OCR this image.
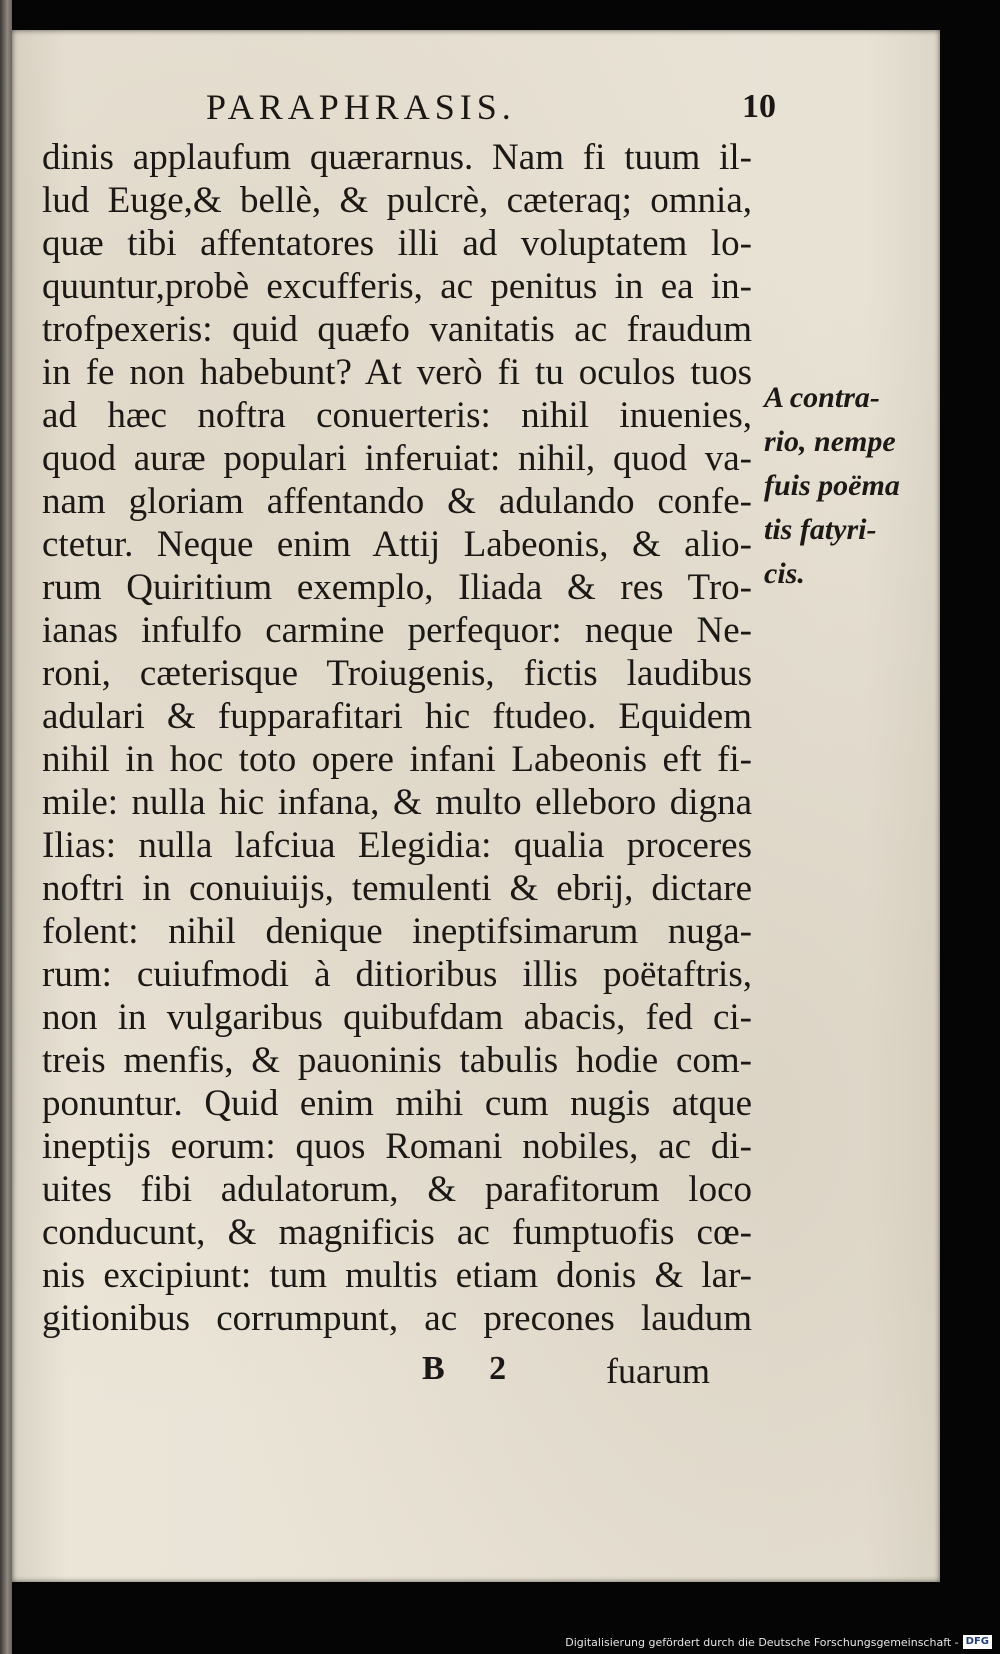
PARAPHRASIS.	10
dinis applaufum quærarnus. Nam fi tuum il-
lud Euge,& bellè, & pulcrè, cæteraq; omnia,
quæ tibi affentatores illi ad voluptatem lo-
quuntur,probè excufferis, ac penitus in ea in-
trofpexeris: quid quæfo vanitatis ac fraudum
in fe non habebunt? At verò fi tu oculos tuos
ad hæc noftra conuerteris: nihil inuenies,
quod auræ populari inferuiat: nihil, quod va-
nam gloriam affentando & adulando confe-
ctetur. Neque enim Attij Labeonis, & alio-
rum Quiritium exemplo, Iliada & res Tro-
ianas infulfo carmine perfequor: neque Ne-
roni, cæterisque Troiugenis, fictis laudibus
adulari & fupparafitari hic ftudeo. Equidem
nihil in hoc toto opere infani Labeonis eft fi-
mile: nulla hic infana, & multo elleboro digna
Ilias: nulla lafciua Elegidia: qualia proceres
noftri in conuiuijs, temulenti & ebrij, dictare
folent: nihil denique ineptifsimarum nuga-
rum: cuiufmodi à ditioribus illis poëtaftris,
non in vulgaribus quibufdam abacis, fed ci-
treis menfis, & pauoninis tabulis hodie com-
ponuntur. Quid enim mihi cum nugis atque
ineptijs eorum: quos Romani nobiles, ac di-
uites fibi adulatorum, & parafitorum loco
conducunt, & magnificis ac fumptuofis cœ-
nis excipiunt: tum multis etiam donis & lar-
gitionibus corrumpunt, ac precones laudum
A contra-
rio, nempe
fuis poëma
tis fatyri-
cis.
B 2 fuarum
Digitalisierung gefördert durch die Deutsche Forschungsgemeinschaft - DFG
